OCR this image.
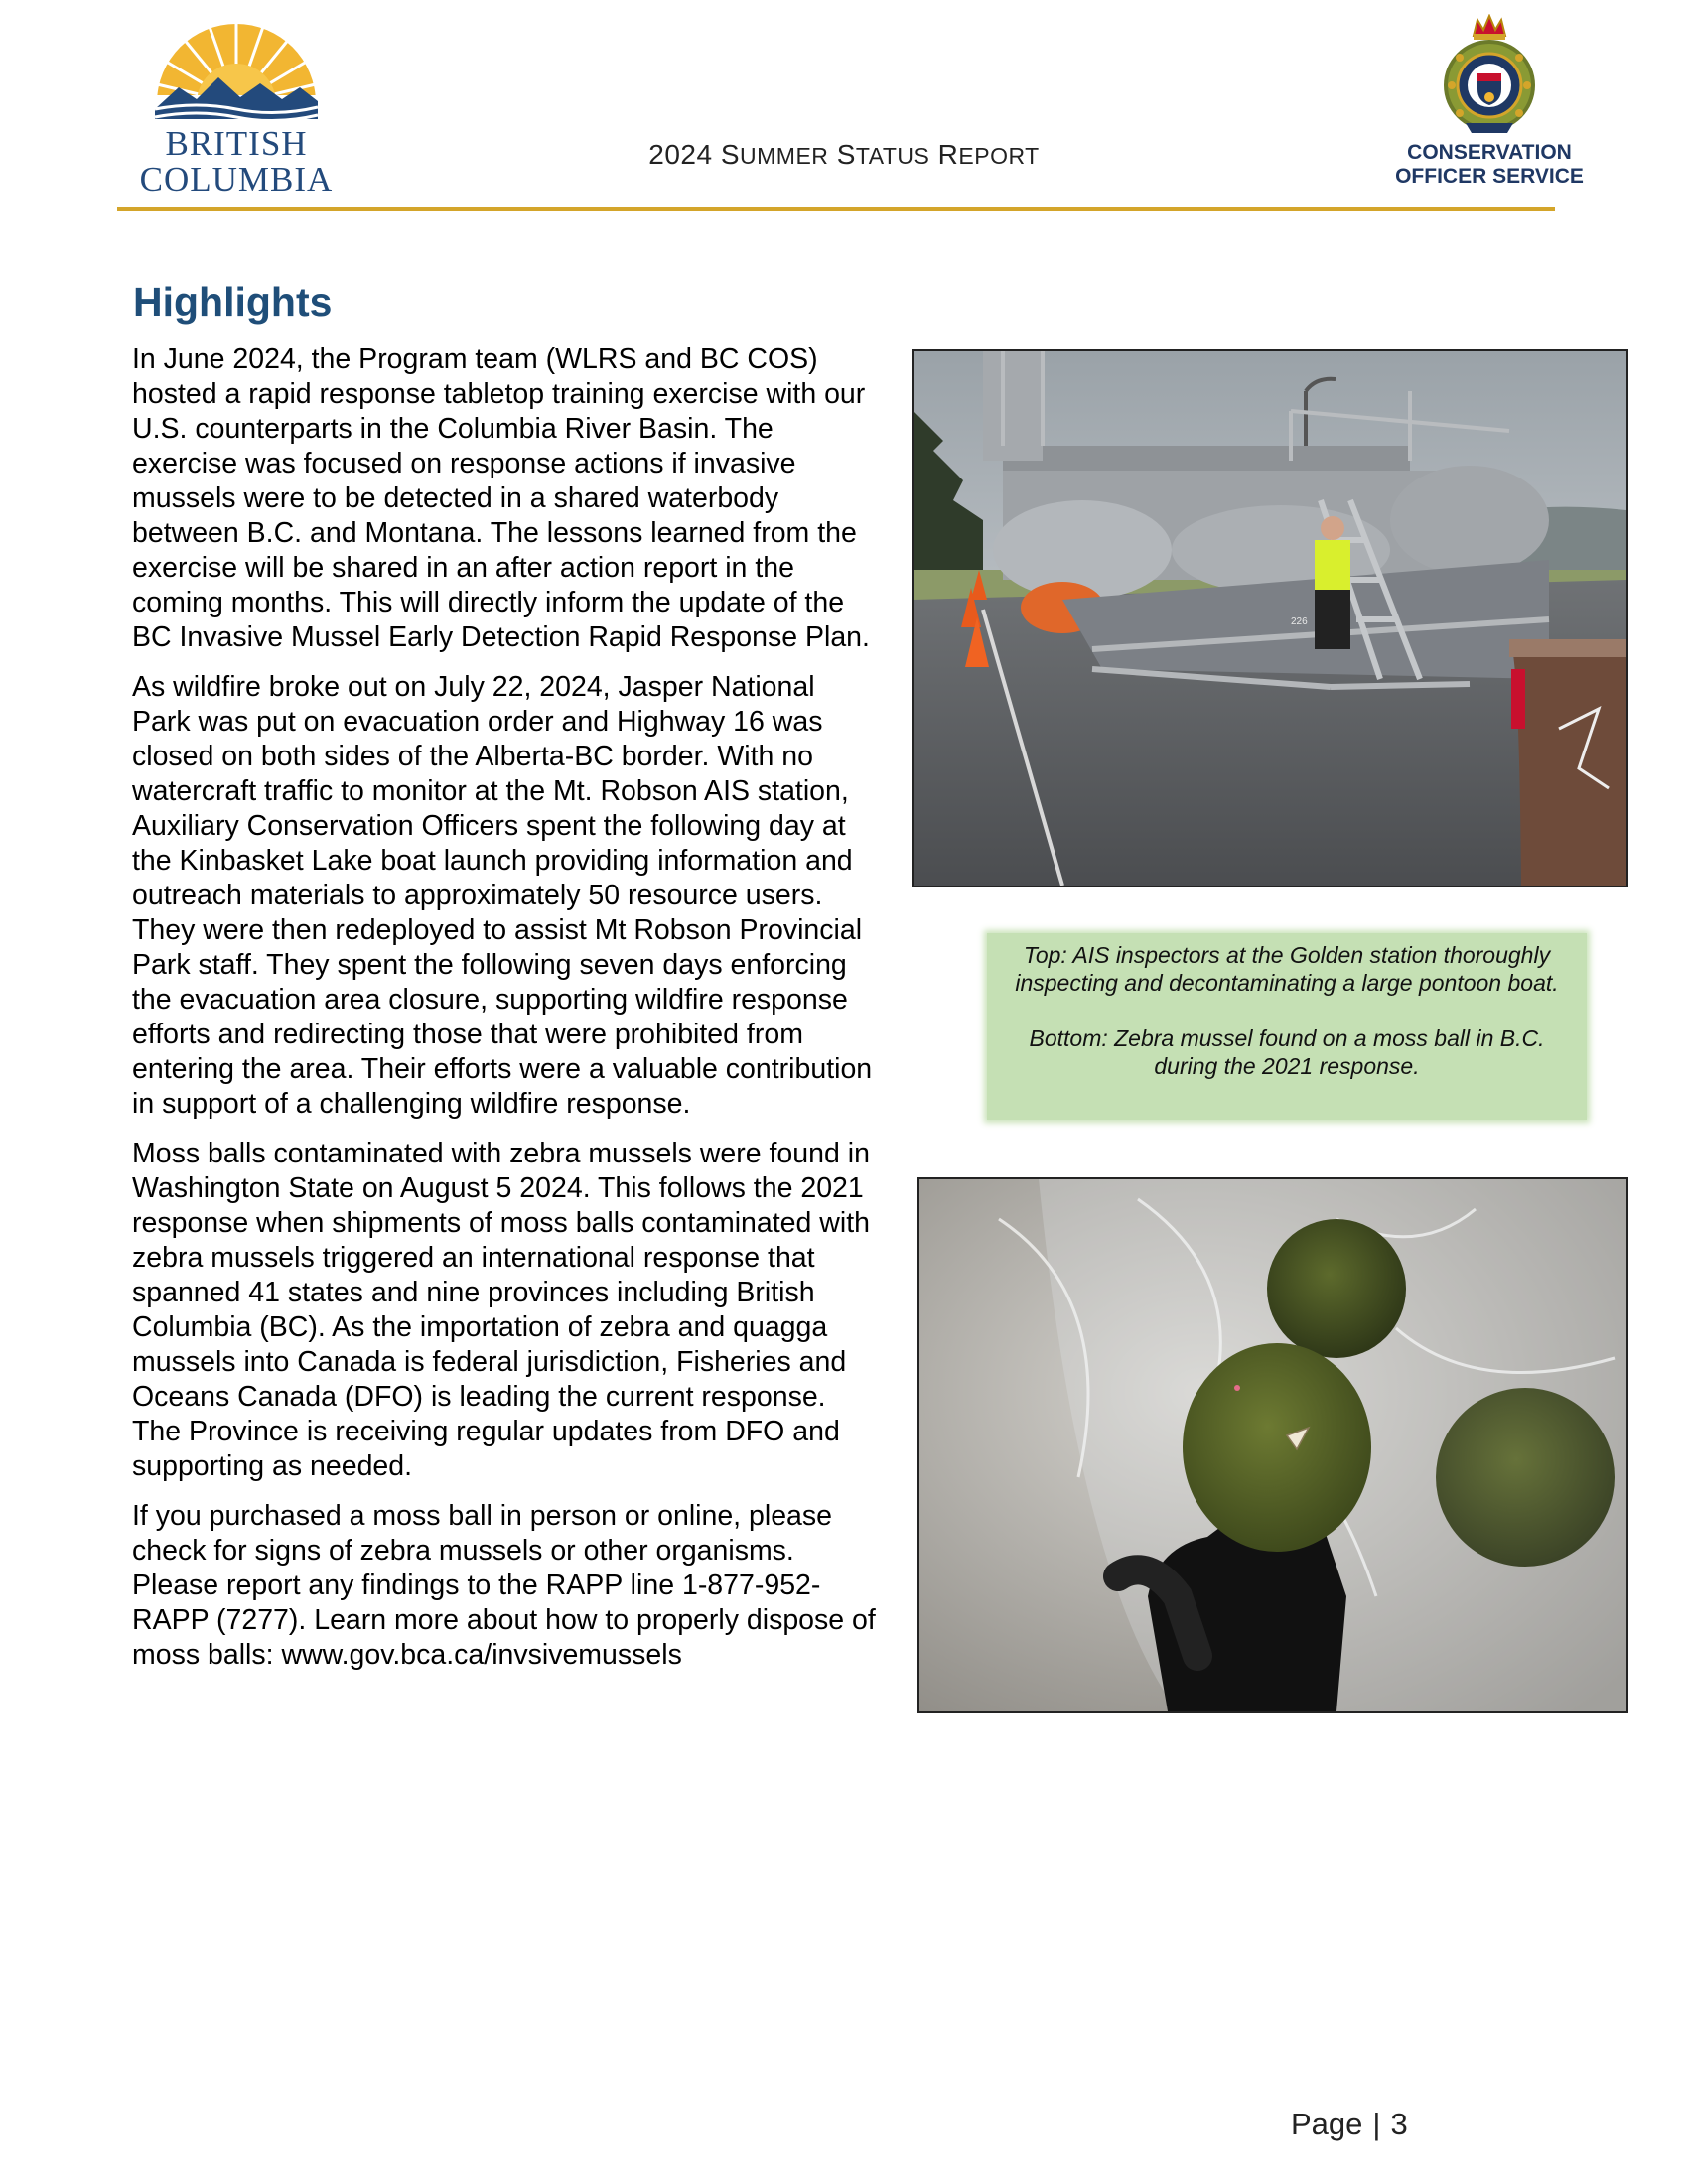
BRITISH
COLUMBIA
2024 SUMMER STATUS REPORT	CONSERVATION
OFFICER SERVICE
Highlights

In June 2024, the Program team (WLRS and BC COS) hosted a rapid response tabletop training exercise with our U.S. counterparts in the Columbia River Basin. The exercise was focused on response actions if invasive mussels were to be detected in a shared waterbody between B.C. and Montana. The lessons learned from the exercise will be shared in an after action report in the coming months. This will directly inform the update of the BC Invasive Mussel Early Detection Rapid Response Plan.

As wildfire broke out on July 22, 2024, Jasper National Park was put on evacuation order and Highway 16 was closed on both sides of the Alberta-BC border. With no watercraft traffic to monitor at the Mt. Robson AIS station, Auxiliary Conservation Officers spent the following day at the Kinbasket Lake boat launch providing information and outreach materials to approximately 50 resource users. They were then redeployed to assist Mt Robson Provincial Park staff. They spent the following seven days enforcing the evacuation area closure, supporting wildfire response efforts and redirecting those that were prohibited from entering the area. Their efforts were a valuable contribution in support of a challenging wildfire response.

Moss balls contaminated with zebra mussels were found in Washington State on August 5 2024. This follows the 2021 response when shipments of moss balls contaminated with zebra mussels triggered an international response that spanned 41 states and nine provinces including British Columbia (BC). As the importation of zebra and quagga mussels into Canada is federal jurisdiction, Fisheries and Oceans Canada (DFO) is leading the current response. The Province is receiving regular updates from DFO and supporting as needed.

If you purchased a moss ball in person or online, please check for signs of zebra mussels or other organisms. Please report any findings to the RAPP line 1-877-952-RAPP (7277). Learn more about how to properly dispose of moss balls: www.gov.bca.ca/invsivemussels

226

Top: AIS inspectors at the Golden station thoroughly inspecting and decontaminating a large pontoon boat.

Bottom: Zebra mussel found on a moss ball in B.C. during the 2021 response.

Page | 3
